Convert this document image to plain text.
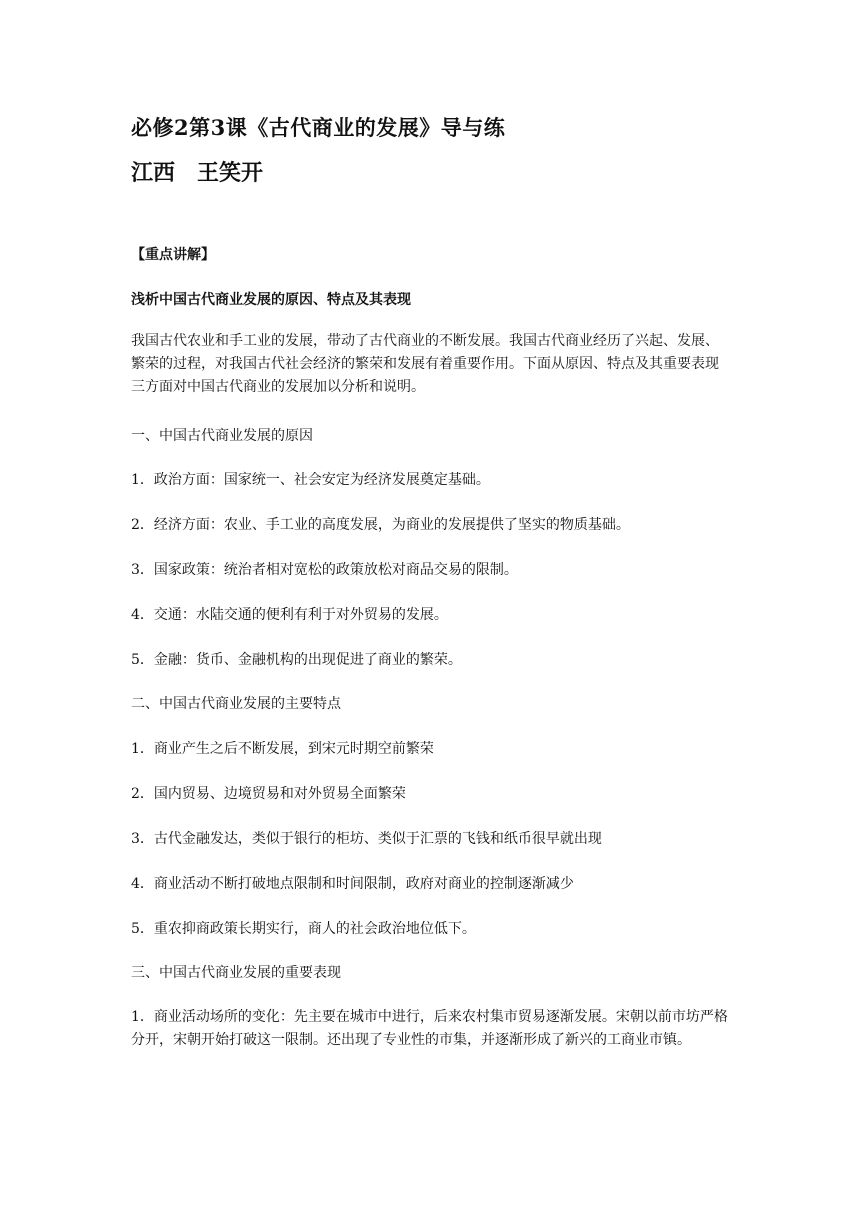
必修2第3课《古代商业的发展》导与练
江西　王笑开
【重点讲解】
浅析中国古代商业发展的原因、特点及其表现

我国古代农业和手工业的发展，带动了古代商业的不断发展。我国古代商业经历了兴起、发展、繁荣的过程，对我国古代社会经济的繁荣和发展有着重要作用。下面从原因、特点及其重要表现三方面对中国古代商业的发展加以分析和说明。

一、中国古代商业发展的原因
1．政治方面：国家统一、社会安定为经济发展奠定基础。
2．经济方面：农业、手工业的高度发展，为商业的发展提供了坚实的物质基础。
3．国家政策：统治者相对宽松的政策放松对商品交易的限制。
4．交通：水陆交通的便利有利于对外贸易的发展。
5．金融：货币、金融机构的出现促进了商业的繁荣。
二、中国古代商业发展的主要特点
1．商业产生之后不断发展，到宋元时期空前繁荣
2．国内贸易、边境贸易和对外贸易全面繁荣
3．古代金融发达，类似于银行的柜坊、类似于汇票的飞钱和纸币很早就出现
4．商业活动不断打破地点限制和时间限制，政府对商业的控制逐渐减少
5．重农抑商政策长期实行，商人的社会政治地位低下。
三、中国古代商业发展的重要表现

1．商业活动场所的变化：先主要在城市中进行，后来农村集市贸易逐渐发展。宋朝以前市坊严格分开，宋朝开始打破这一限制。还出现了专业性的市集，并逐渐形成了新兴的工商业市镇。
